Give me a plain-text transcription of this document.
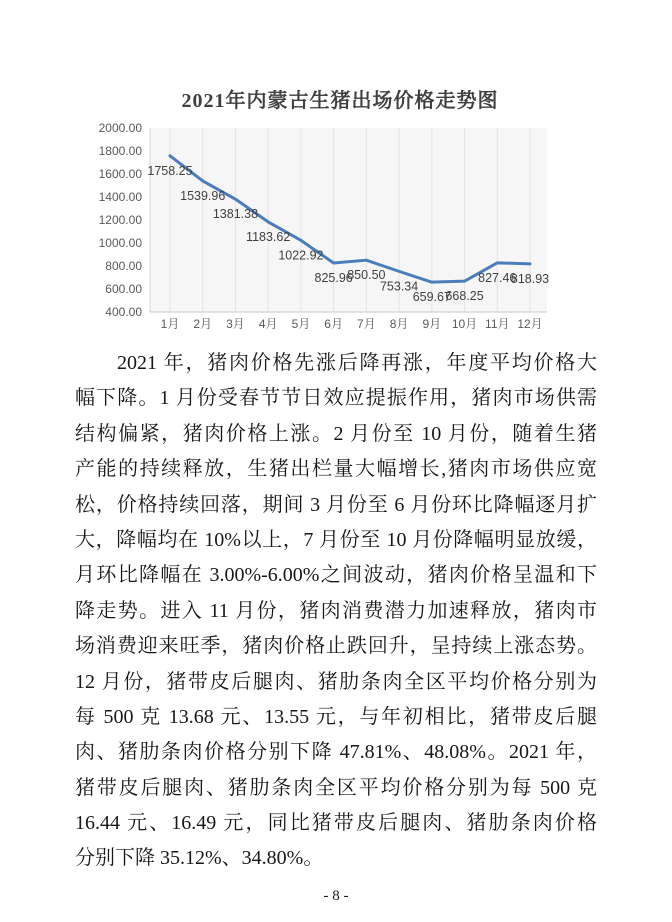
2021年内蒙古生猪出场价格走势图
400.00
600.00
800.00
1000.00
1200.00
1400.00
1600.00
1800.00
2000.00
1月 2月 3月 4月 5月 6月 7月 8月 9月 10月 11月 12月
1758.25
1539.96
1381.38
1183.62
1022.92
825.96
850.50
753.34
659.67
668.25
827.46
818.93
2021 年，猪肉价格先涨后降再涨，年度平均价格大
幅下降。1 月份受春节节日效应提振作用，猪肉市场供需
结构偏紧，猪肉价格上涨。2 月份至 10 月份，随着生猪
产能的持续释放，生猪出栏量大幅增长,猪肉市场供应宽
松，价格持续回落，期间 3 月份至 6 月份环比降幅逐月扩
大，降幅均在 10%以上，7 月份至 10 月份降幅明显放缓，
月环比降幅在 3.00%-6.00%之间波动，猪肉价格呈温和下
降走势。进入 11 月份，猪肉消费潜力加速释放，猪肉市
场消费迎来旺季，猪肉价格止跌回升，呈持续上涨态势。
12 月份，猪带皮后腿肉、猪肋条肉全区平均价格分别为
每 500 克 13.68 元、13.55 元，与年初相比，猪带皮后腿
肉、猪肋条肉价格分别下降 47.81%、48.08%。2021 年，
猪带皮后腿肉、猪肋条肉全区平均价格分别为每 500 克
16.44 元、16.49 元，同比猪带皮后腿肉、猪肋条肉价格
分别下降 35.12%、34.80%。
- 8 -
